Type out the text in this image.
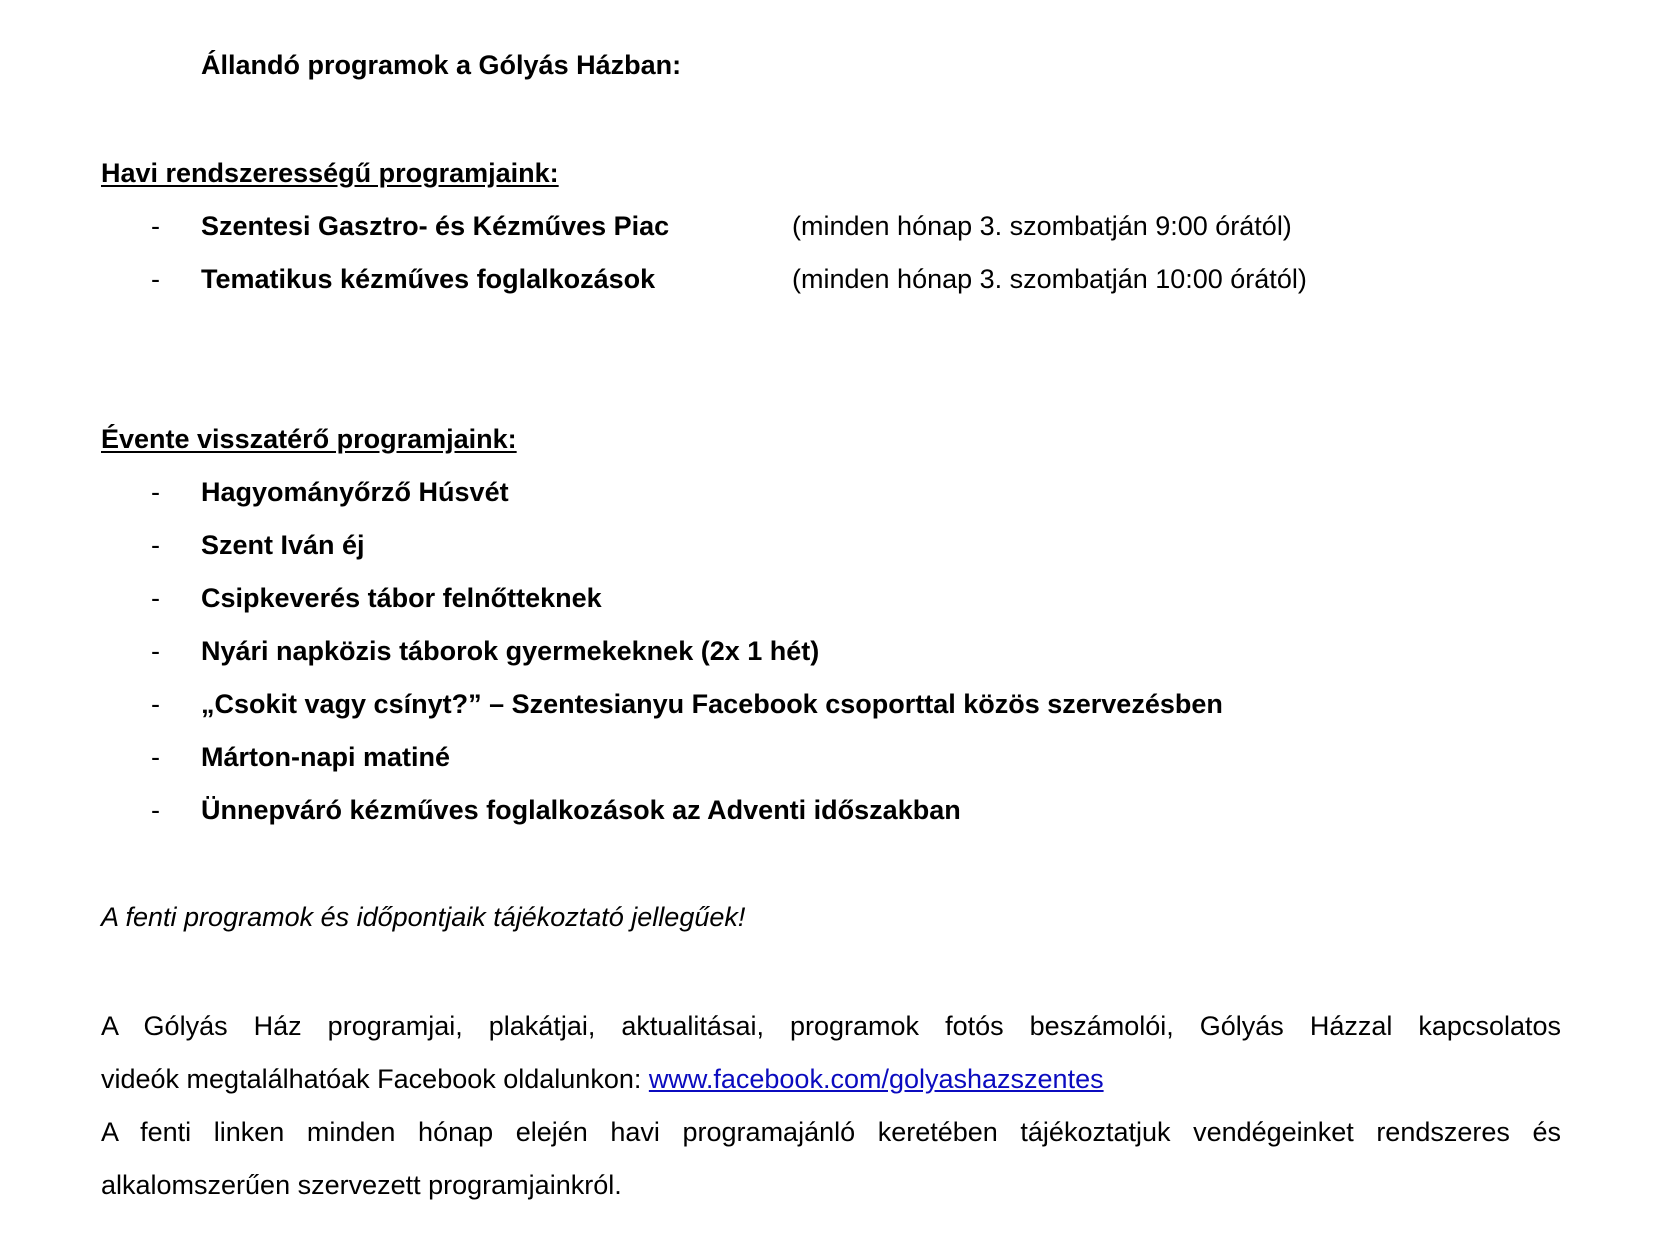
Állandó programok a Gólyás Házban:
Havi rendszerességű programjaink:
- Szentesi Gasztro- és Kézműves Piac	(minden hónap 3. szombatján 9:00 órától)
- Tematikus kézműves foglalkozások	(minden hónap 3. szombatján 10:00 órától)
Évente visszatérő programjaink:
- Hagyományőrző Húsvét
- Szent Iván éj
- Csipkeverés tábor felnőtteknek
- Nyári napközis táborok gyermekeknek (2x 1 hét)
- „Csokit vagy csínyt?” – Szentesianyu Facebook csoporttal közös szervezésben
- Márton-napi matiné
- Ünnepváró kézműves foglalkozások az Adventi időszakban
A fenti programok és időpontjaik tájékoztató jellegűek!
A Gólyás Ház programjai, plakátjai, aktualitásai, programok fotós beszámolói, Gólyás Házzal kapcsolatos
videók megtalálhatóak Facebook oldalunkon: www.facebook.com/golyashazszentes
A fenti linken minden hónap elején havi programajánló keretében tájékoztatjuk vendégeinket rendszeres és
alkalomszerűen szervezett programjainkról.
